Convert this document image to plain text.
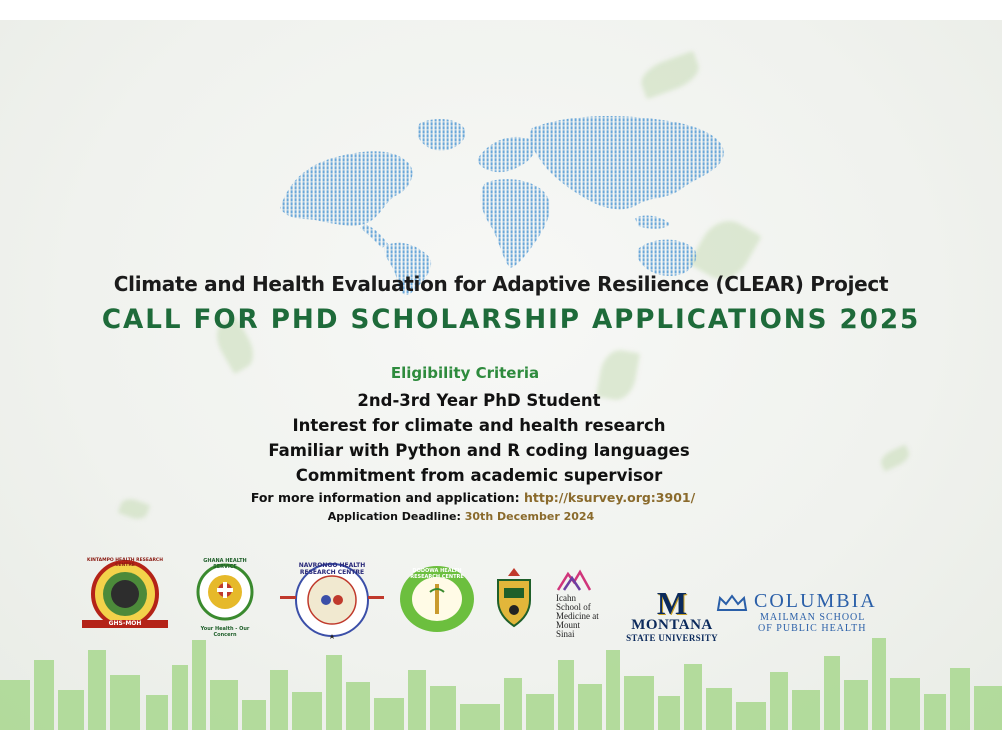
Climate and Health Evaluation for Adaptive Resilience (CLEAR) Project
CALL FOR PHD SCHOLARSHIP APPLICATIONS 2025
Eligibility Criteria
2nd-3rd Year PhD Student
Interest for climate and health research
Familiar with Python and R coding languages
Commitment from academic supervisor
For more information and application: http://ksurvey.org:3901/
Application Deadline: 30th December 2024
GHS-MOH
KINTAMPO HEALTH RESEARCH CENTRE
GHANA HEALTH SERVICE
Your Health - Our Concern
NAVRONGO HEALTH RESEARCH CENTRE	DODOWA HEALTH RESEARCH CENTRE
Icahn
School of
Medicine at
Mount
Sinai
M
MONTANA
STATE UNIVERSITY
COLUMBIA
MAILMAN SCHOOL
OF PUBLIC HEALTH
